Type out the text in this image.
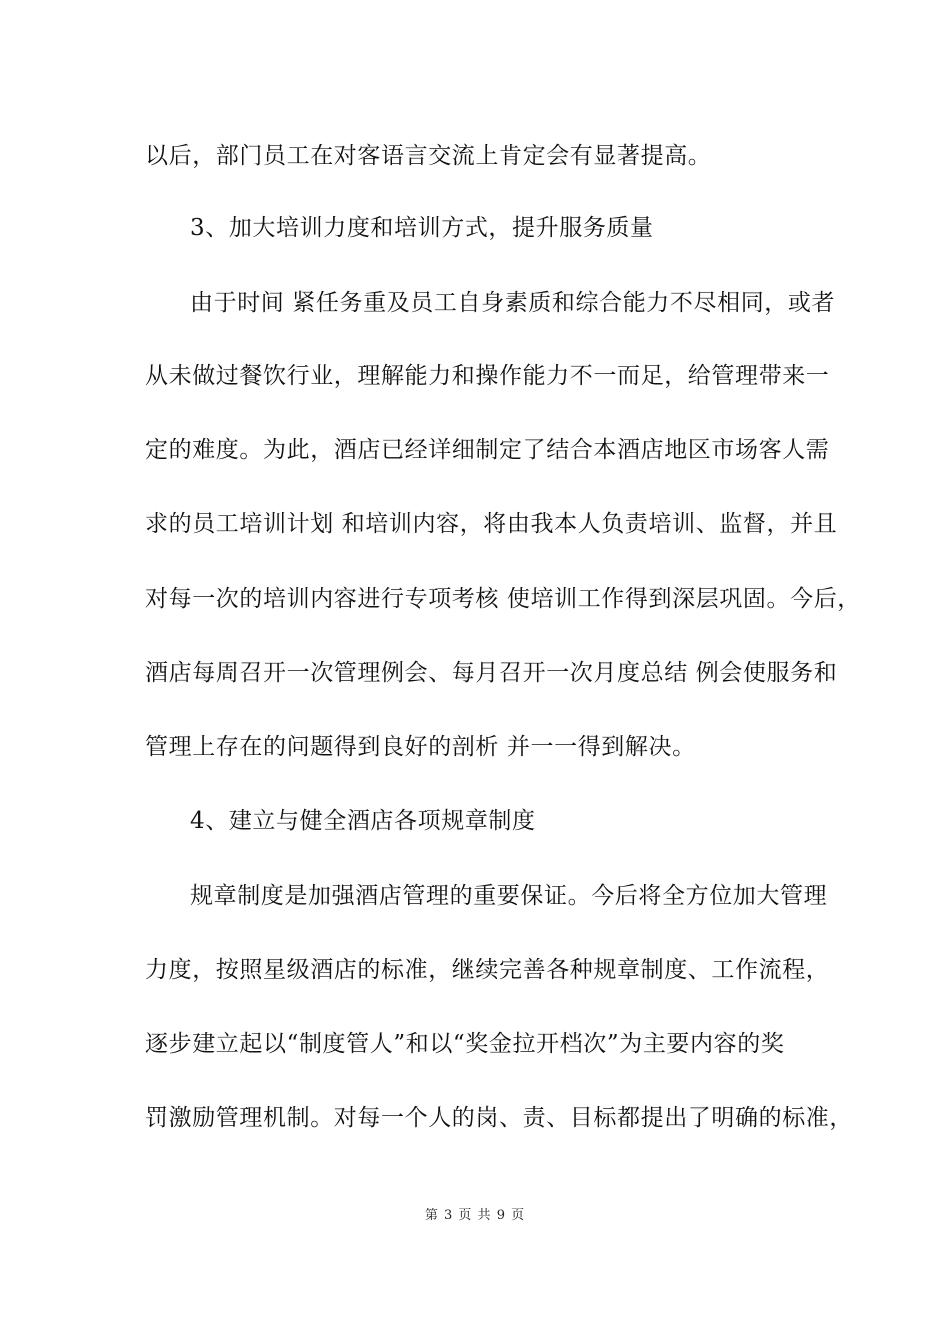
以后，部门员工在对客语言交流上肯定会有显著提高。
3、加大培训力度和培训方式，提升服务质量
由于时间 紧任务重及员工自身素质和综合能力不尽相同，或者
从未做过餐饮行业，理解能力和操作能力不一而足，给管理带来一
定的难度。为此，酒店已经详细制定了结合本酒店地区市场客人需
求的员工培训计划 和培训内容，将由我本人负责培训、监督，并且
对每一次的培训内容进行专项考核 使培训工作得到深层巩固。今后，
酒店每周召开一次管理例会、每月召开一次月度总结 例会使服务和
管理上存在的问题得到良好的剖析 并一一得到解决。
4、建立与健全酒店各项规章制度
规章制度是加强酒店管理的重要保证。今后将全方位加大管理
力度，按照星级酒店的标准，继续完善各种规章制度、工作流程，
逐步建立起以“制度管人”和以“奖金拉开档次”为主要内容的奖
罚激励管理机制。对每一个人的岗、责、目标都提出了明确的标准，
第 3 页 共 9 页
